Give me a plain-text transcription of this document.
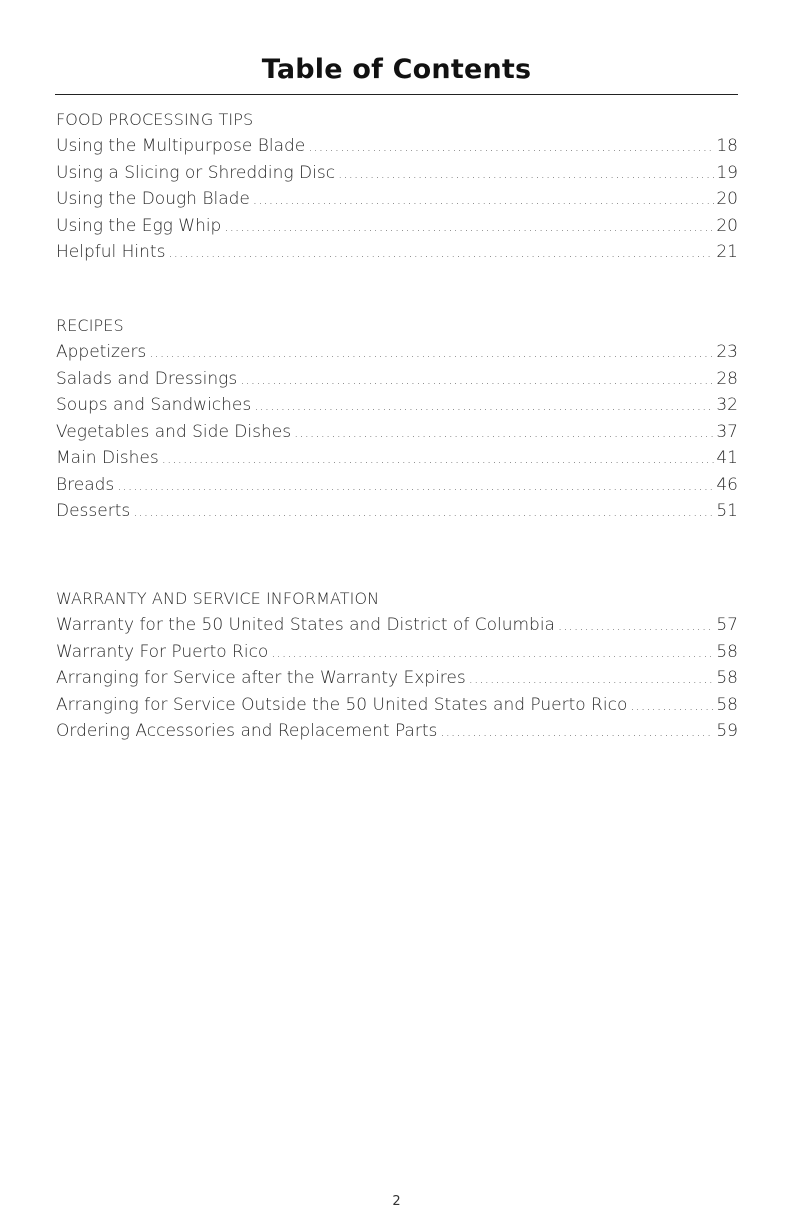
Table of Contents
FOOD PROCESSING TIPS
Using the Multipurpose Blade .....	18
Using a Slicing or Shredding Disc .....	19
Using the Dough Blade .....	20
Using the Egg Whip .....	20
Helpful Hints .....	21
RECIPES
Appetizers .....	23
Salads and Dressings .....	28
Soups and Sandwiches .....	32
Vegetables and Side Dishes .....	37
Main Dishes .....	41
Breads .....	46
Desserts .....	51
WARRANTY AND SERVICE INFORMATION
Warranty for the 50 United States and District of Columbia .....	57
Warranty For Puerto Rico .....	58
Arranging for Service after the Warranty Expires .....	58
Arranging for Service Outside the 50 United States and Puerto Rico .....	58
Ordering Accessories and Replacement Parts .....	59
2
